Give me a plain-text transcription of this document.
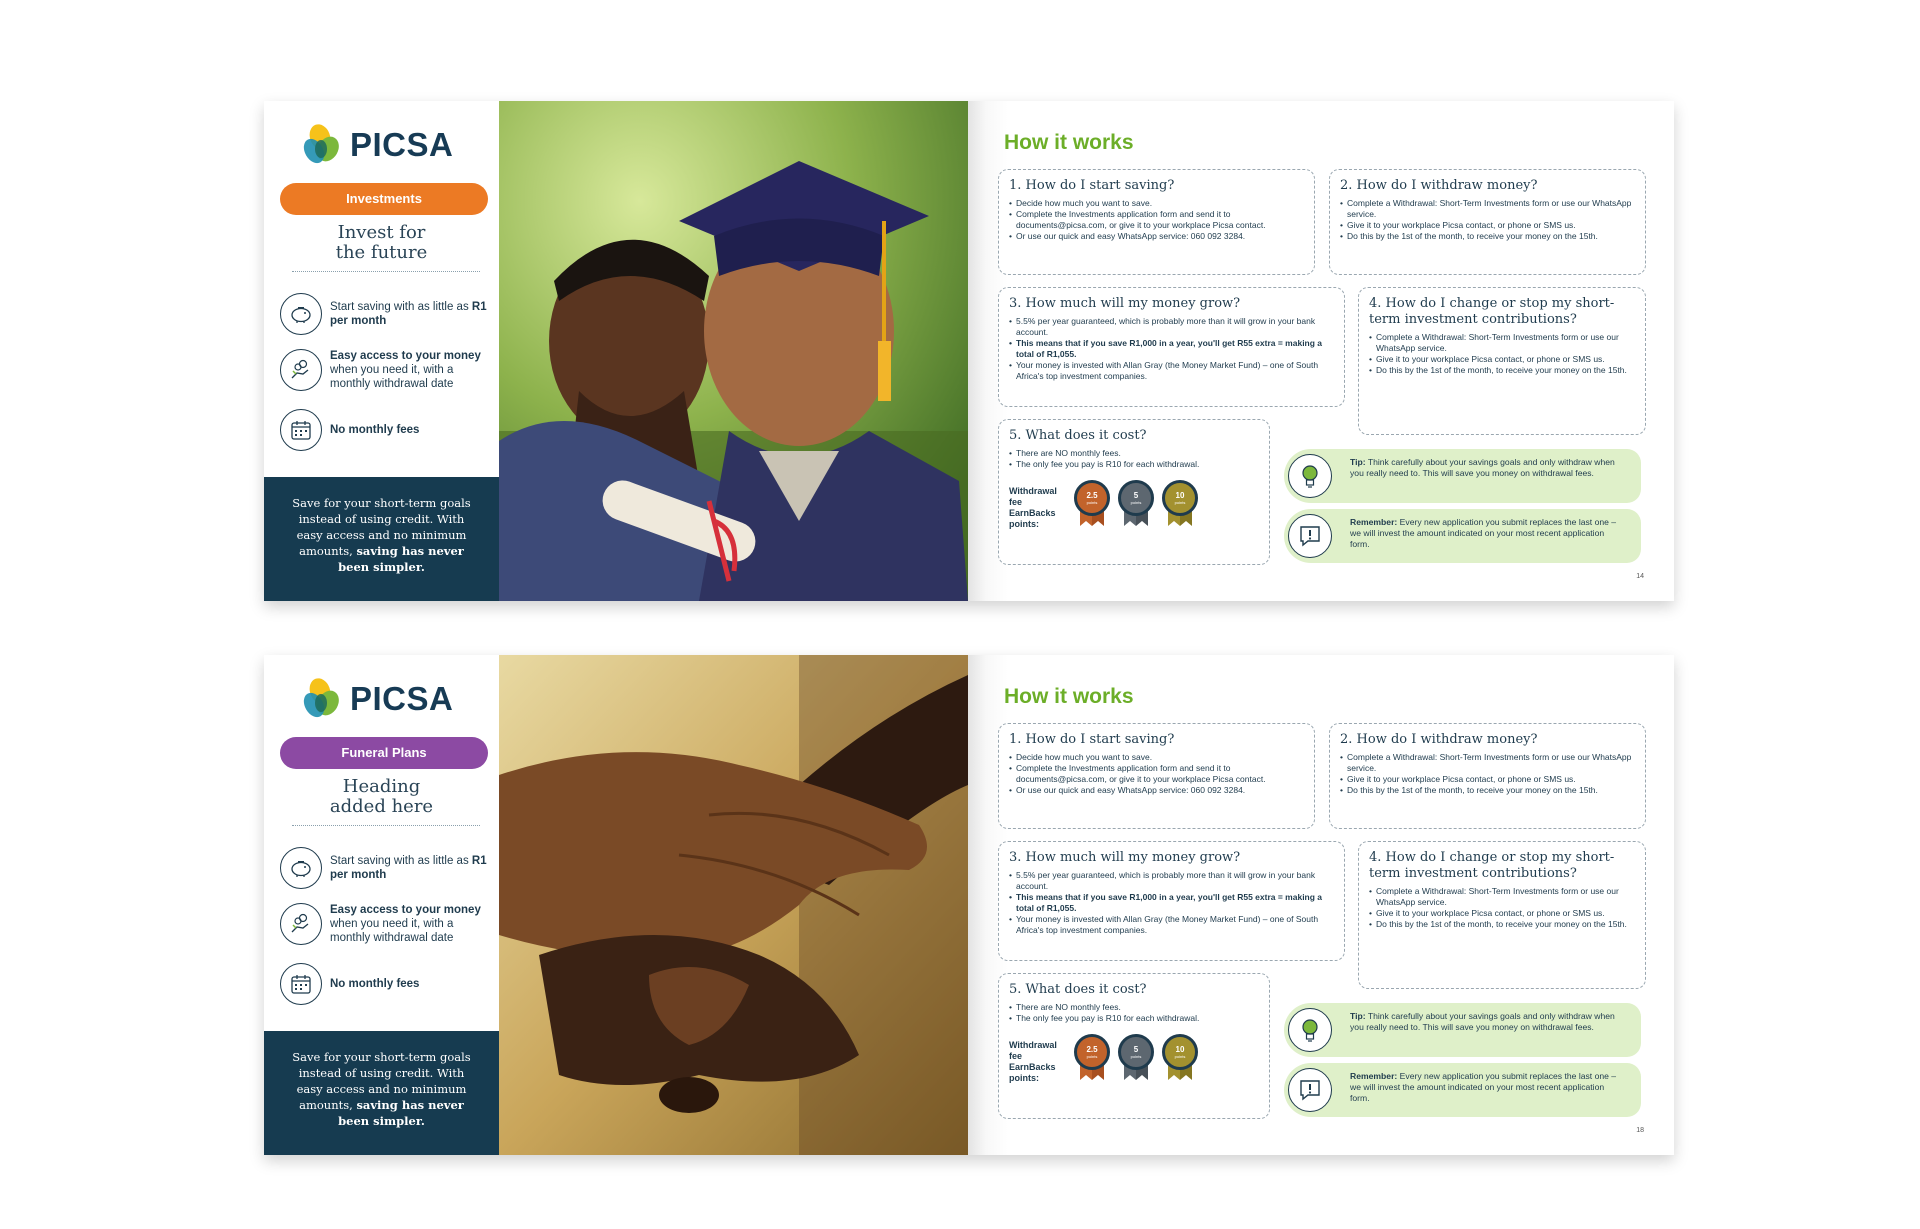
PICSA
Investments
Invest for
the future
Start saving with as little as R1 per month
Easy access to your money when you need it, with a monthly withdrawal date
No monthly fees

Save for your short-term goals instead of using credit. With easy access and no minimum amounts, saving has never been simpler.

How it works
1. How do I start saving?
• Decide how much you want to save.
• Complete the Investments application form and send it to documents@picsa.com, or give it to your workplace Picsa contact.
• Or use our quick and easy WhatsApp service: 060 092 3284.
2. How do I withdraw money?
• Complete a Withdrawal: Short-Term Investments form or use our WhatsApp service.
• Give it to your workplace Picsa contact, or phone or SMS us.
• Do this by the 1st of the month, to receive your money on the 15th.
3. How much will my money grow?
• 5.5% per year guaranteed, which is probably more than it will grow in your bank account.
• This means that if you save R1,000 in a year, you'll get R55 extra = making a total of R1,055.
• Your money is invested with Allan Gray (the Money Market Fund) – one of South Africa's top investment companies.
4. How do I change or stop my short-term investment contributions?
• Complete a Withdrawal: Short-Term Investments form or use our WhatsApp service.
• Give it to your workplace Picsa contact, or phone or SMS us.
• Do this by the 1st of the month, to receive your money on the 15th.
5. What does it cost?
• There are NO monthly fees.
• The only fee you pay is R10 for each withdrawal.
Withdrawal fee EarnBacks points:
2.5
points
5
points
10
points
Tip: Think carefully about your savings goals and only withdraw when you really need to. This will save you money on withdrawal fees.
Remember: Every new application you submit replaces the last one – we will invest the amount indicated on your most recent application form.
14
PICSA
Funeral Plans
Heading
added here
Start saving with as little as R1 per month
Easy access to your money when you need it, with a monthly withdrawal date
No monthly fees

Save for your short-term goals instead of using credit. With easy access and no minimum amounts, saving has never been simpler.

How it works
1. How do I start saving?
• Decide how much you want to save.
• Complete the Investments application form and send it to documents@picsa.com, or give it to your workplace Picsa contact.
• Or use our quick and easy WhatsApp service: 060 092 3284.
2. How do I withdraw money?
• Complete a Withdrawal: Short-Term Investments form or use our WhatsApp service.
• Give it to your workplace Picsa contact, or phone or SMS us.
• Do this by the 1st of the month, to receive your money on the 15th.
3. How much will my money grow?
• 5.5% per year guaranteed, which is probably more than it will grow in your bank account.
• This means that if you save R1,000 in a year, you'll get R55 extra = making a total of R1,055.
• Your money is invested with Allan Gray (the Money Market Fund) – one of South Africa's top investment companies.
4. How do I change or stop my short-term investment contributions?
• Complete a Withdrawal: Short-Term Investments form or use our WhatsApp service.
• Give it to your workplace Picsa contact, or phone or SMS us.
• Do this by the 1st of the month, to receive your money on the 15th.
5. What does it cost?
• There are NO monthly fees.
• The only fee you pay is R10 for each withdrawal.
Withdrawal fee EarnBacks points:
2.5
points
5
points
10
points
Tip: Think carefully about your savings goals and only withdraw when you really need to. This will save you money on withdrawal fees.
Remember: Every new application you submit replaces the last one – we will invest the amount indicated on your most recent application form.
18
